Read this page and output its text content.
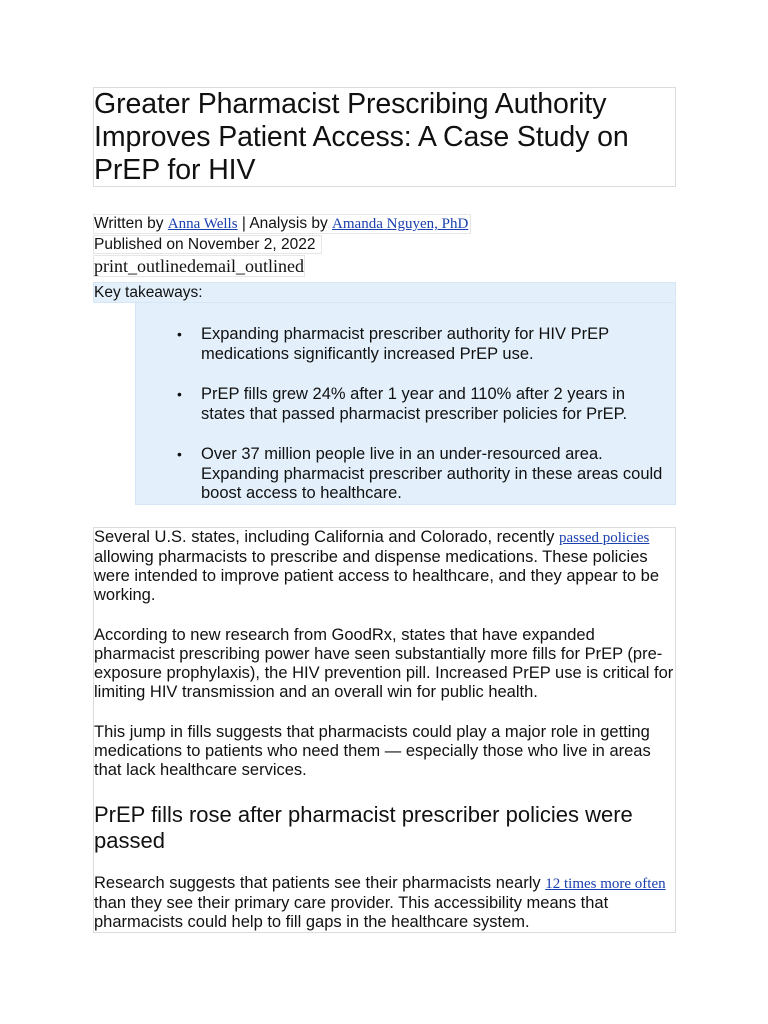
Greater Pharmacist Prescribing Authority Improves Patient Access: A Case Study on PrEP for HIV
Written by Anna Wells | Analysis by Amanda Nguyen, PhD Published on November 2, 2022
print_outlinedemail_outlined
Key takeaways:
• Expanding pharmacist prescriber authority for HIV PrEP medications significantly increased PrEP use.
• PrEP fills grew 24% after 1 year and 110% after 2 years in states that passed pharmacist prescriber policies for PrEP.
• Over 37 million people live in an under-resourced area. Expanding pharmacist prescriber authority in these areas could boost access to healthcare.

Several U.S. states, including California and Colorado, recently passed policies allowing pharmacists to prescribe and dispense medications. These policies were intended to improve patient access to healthcare, and they appear to be working.

According to new research from GoodRx, states that have expanded pharmacist prescribing power have seen substantially more fills for PrEP (pre-exposure prophylaxis), the HIV prevention pill. Increased PrEP use is critical for limiting HIV transmission and an overall win for public health.

This jump in fills suggests that pharmacists could play a major role in getting medications to patients who need them — especially those who live in areas that lack healthcare services.

PrEP fills rose after pharmacist prescriber policies were passed

Research suggests that patients see their pharmacists nearly 12 times more often than they see their primary care provider. This accessibility means that pharmacists could help to fill gaps in the healthcare system.
